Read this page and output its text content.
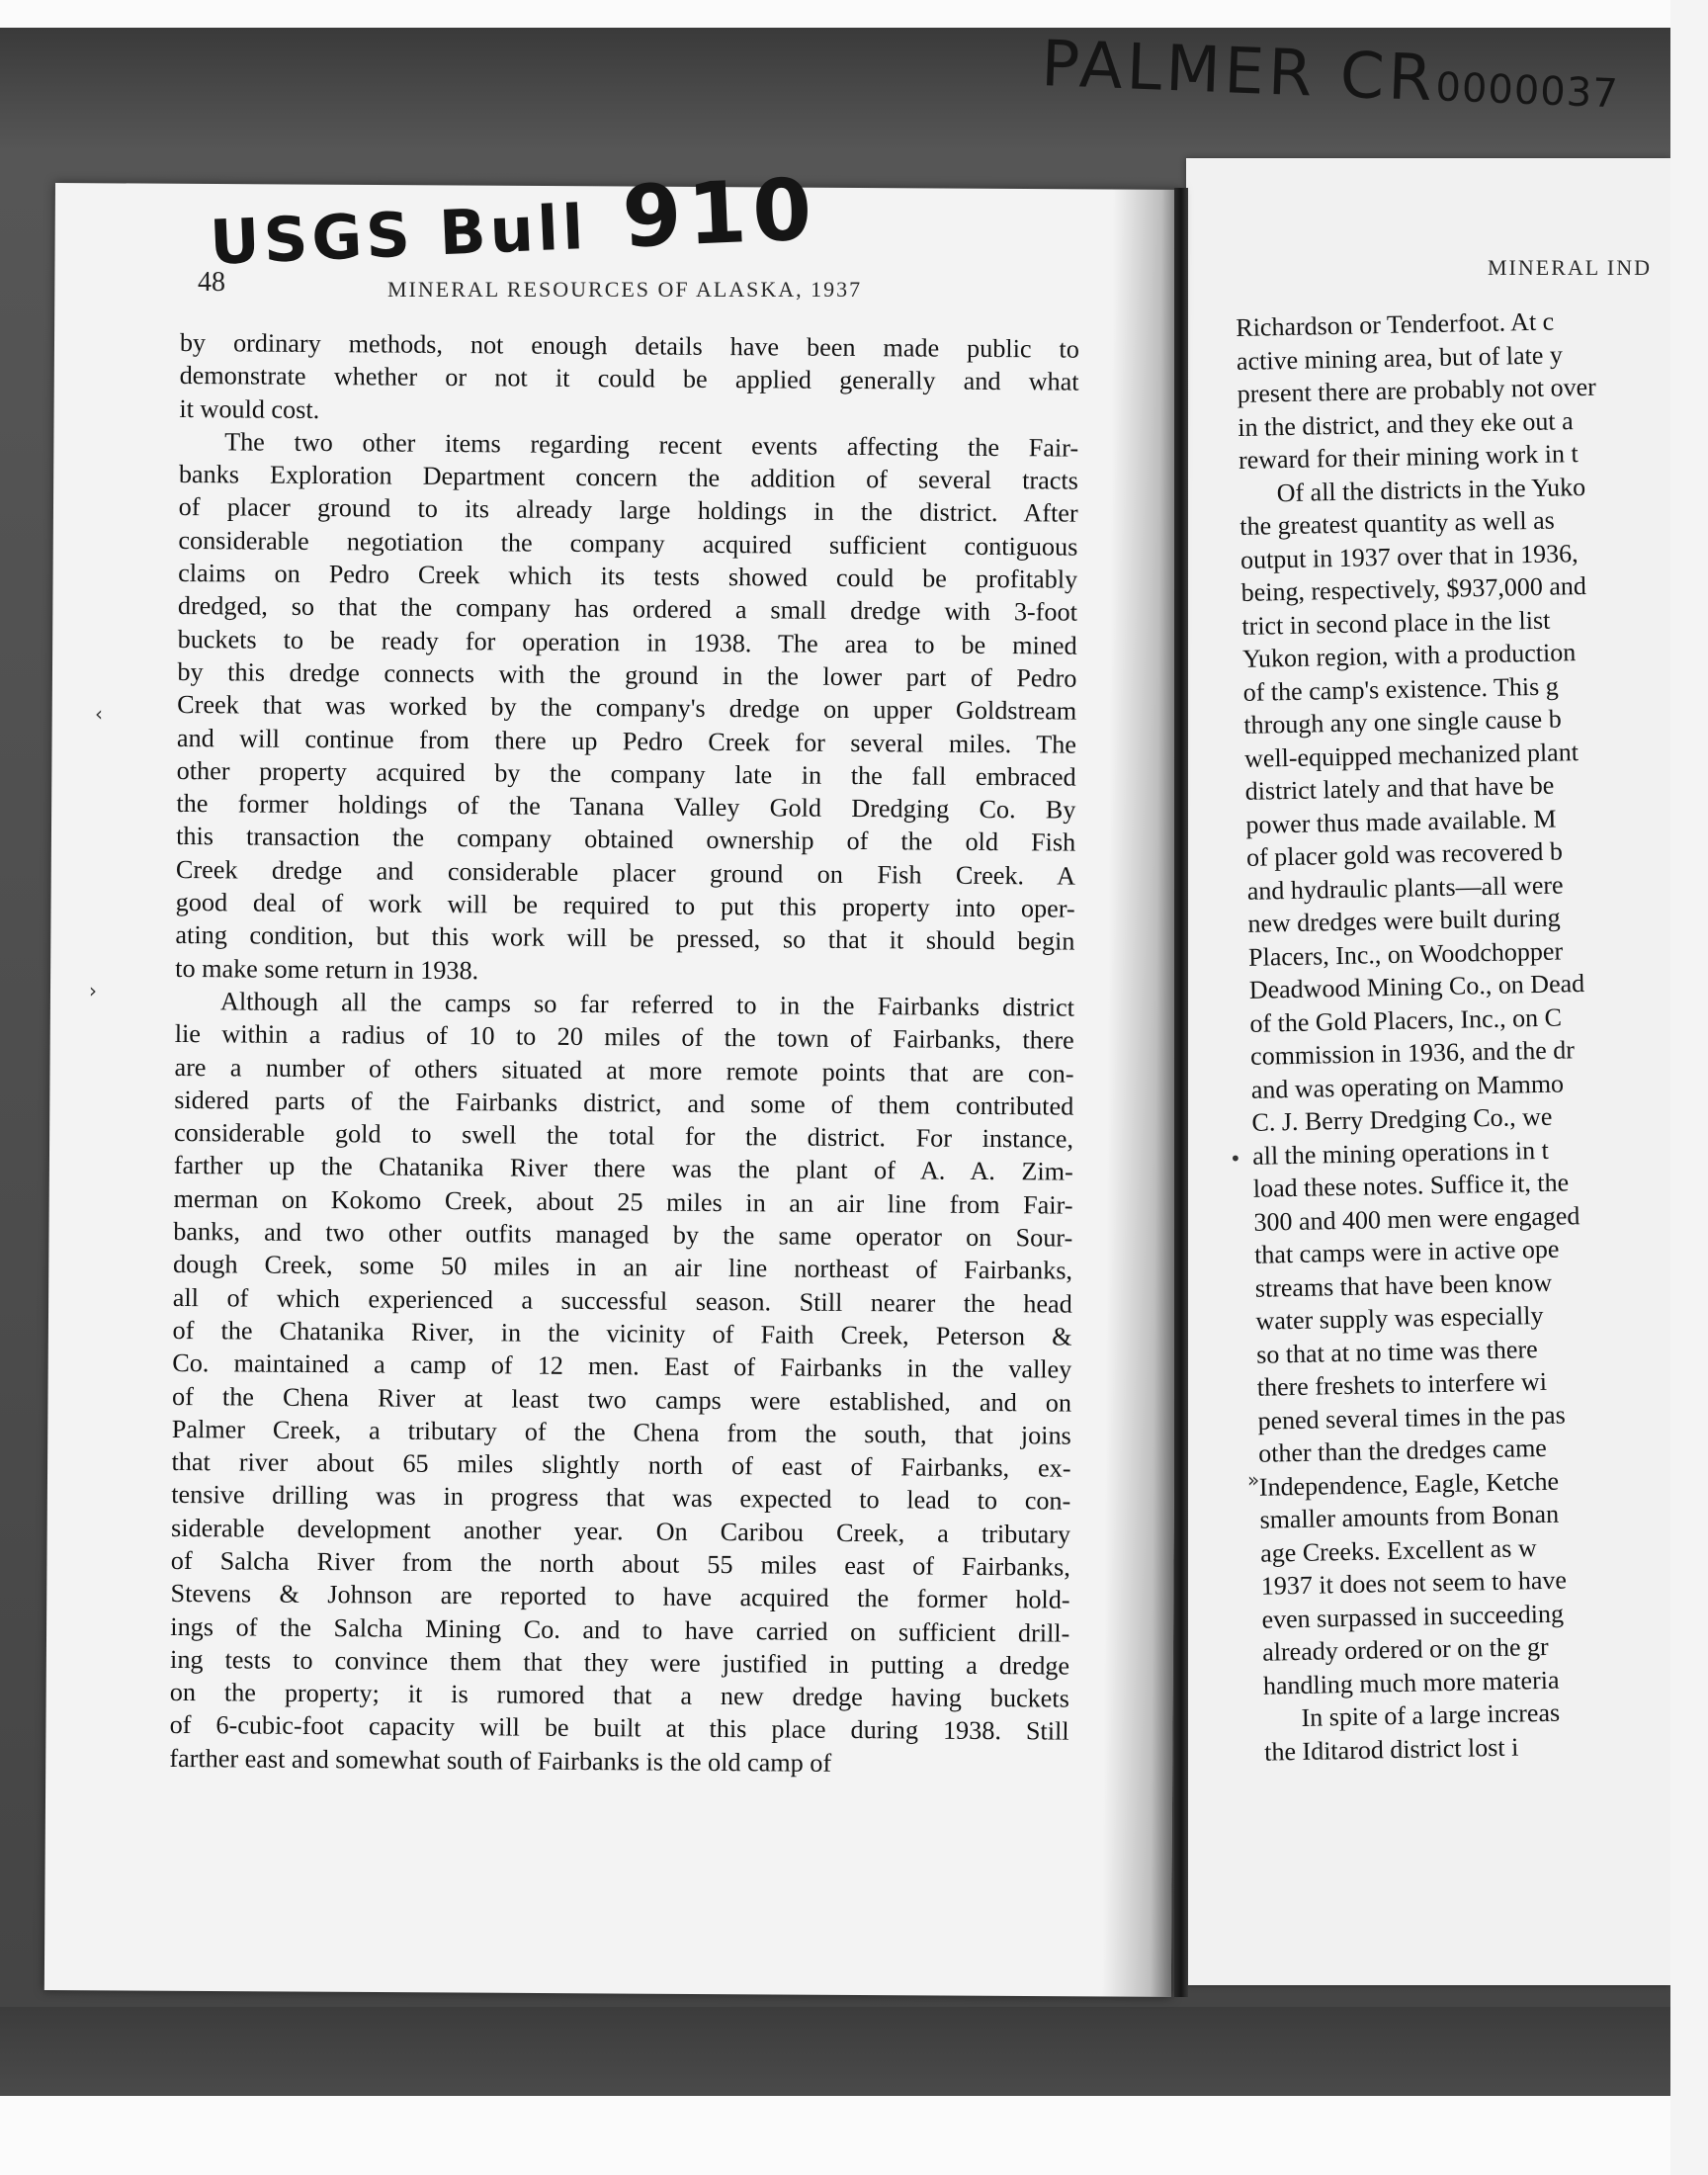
PALMER CR0000037
MINERAL IND
Richardson or Tenderfoot. At c
active mining area, but of late y
present there are probably not over
in the district, and they eke out a
reward for their mining work in t
Of all the districts in the Yuko
the greatest quantity as well as
output in 1937 over that in 1936,
being, respectively, $937,000 and
trict in second place in the list
Yukon region, with a production
of the camp's existence. This g
through any one single cause b
well-equipped mechanized plant
district lately and that have be
power thus made available. M
of placer gold was recovered b
and hydraulic plants—all were
new dredges were built during
Placers, Inc., on Woodchopper
Deadwood Mining Co., on Dead
of the Gold Placers, Inc., on C
commission in 1936, and the dr
and was operating on Mammo
C. J. Berry Dredging Co., we
all the mining operations in t
load these notes. Suffice it, the
300 and 400 men were engaged
that camps were in active ope
streams that have been know
water supply was especially
so that at no time was there
there freshets to interfere wi
pened several times in the pas
other than the dredges came
Independence, Eagle, Ketche
smaller amounts from Bonan
age Creeks. Excellent as w
1937 it does not seem to have
even surpassed in succeeding
already ordered or on the gr
handling much more materia
In spite of a large increas
the Iditarod district lost i
USGS Bull 910
48	MINERAL RESOURCES OF ALASKA, 1937
by ordinary methods, not enough details have been made public to
demonstrate whether or not it could be applied generally and what
it would cost.
The two other items regarding recent events affecting the Fair-
banks Exploration Department concern the addition of several tracts
of placer ground to its already large holdings in the district. After
considerable negotiation the company acquired sufficient contiguous
claims on Pedro Creek which its tests showed could be profitably
dredged, so that the company has ordered a small dredge with 3-foot
buckets to be ready for operation in 1938. The area to be mined
by this dredge connects with the ground in the lower part of Pedro
Creek that was worked by the company's dredge on upper Goldstream
and will continue from there up Pedro Creek for several miles. The
other property acquired by the company late in the fall embraced
the former holdings of the Tanana Valley Gold Dredging Co. By
this transaction the company obtained ownership of the old Fish
Creek dredge and considerable placer ground on Fish Creek. A
good deal of work will be required to put this property into oper-
ating condition, but this work will be pressed, so that it should begin
to make some return in 1938.
Although all the camps so far referred to in the Fairbanks district
lie within a radius of 10 to 20 miles of the town of Fairbanks, there
are a number of others situated at more remote points that are con-
sidered parts of the Fairbanks district, and some of them contributed
considerable gold to swell the total for the district. For instance,
farther up the Chatanika River there was the plant of A. A. Zim-
merman on Kokomo Creek, about 25 miles in an air line from Fair-
banks, and two other outfits managed by the same operator on Sour-
dough Creek, some 50 miles in an air line northeast of Fairbanks,
all of which experienced a successful season. Still nearer the head
of the Chatanika River, in the vicinity of Faith Creek, Peterson &
Co. maintained a camp of 12 men. East of Fairbanks in the valley
of the Chena River at least two camps were established, and on
Palmer Creek, a tributary of the Chena from the south, that joins
that river about 65 miles slightly north of east of Fairbanks, ex-
tensive drilling was in progress that was expected to lead to con-
siderable development another year. On Caribou Creek, a tributary
of Salcha River from the north about 55 miles east of Fairbanks,
Stevens & Johnson are reported to have acquired the former hold-
ings of the Salcha Mining Co. and to have carried on sufficient drill-
ing tests to convince them that they were justified in putting a dredge
on the property; it is rumored that a new dredge having buckets
of 6-cubic-foot capacity will be built at this place during 1938. Still
farther east and somewhat south of Fairbanks is the old camp of
‹
›
•
»
